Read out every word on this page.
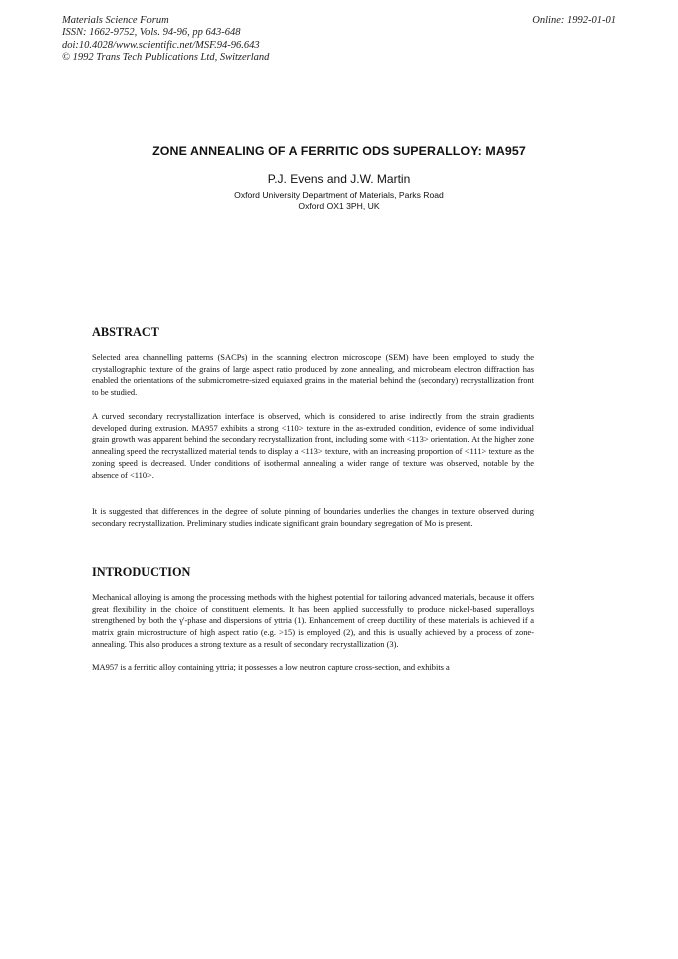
Materials Science Forum
ISSN: 1662-9752, Vols. 94-96, pp 643-648
doi:10.4028/www.scientific.net/MSF.94-96.643
© 1992 Trans Tech Publications Ltd, Switzerland
Online: 1992-01-01
ZONE ANNEALING OF A FERRITIC ODS SUPERALLOY: MA957
P.J. Evens and J.W. Martin
Oxford University Department of Materials, Parks Road
Oxford OX1 3PH, UK
ABSTRACT

Selected area channelling patterns (SACPs) in the scanning electron microscope (SEM) have been employed to study the crystallographic texture of the grains of large aspect ratio produced by zone annealing, and microbeam electron diffraction has enabled the orientations of the submicrometre-sized equiaxed grains in the material behind the (secondary) recrystallization front to be studied.

A curved secondary recrystallization interface is observed, which is considered to arise indirectly from the strain gradients developed during extrusion. MA957 exhibits a strong <110> texture in the as-extruded condition, evidence of some individual grain growth was apparent behind the secondary recrystallization front, including some with <113> orientation. At the higher zone annealing speed the recrystallized material tends to display a <113> texture, with an increasing proportion of <111> texture as the zoning speed is decreased. Under conditions of isothermal annealing a wider range of texture was observed, notable by the absence of <110>.

It is suggested that differences in the degree of solute pinning of boundaries underlies the changes in texture observed during secondary recrystallization. Preliminary studies indicate significant grain boundary segregation of Mo is present.

INTRODUCTION

Mechanical alloying is among the processing methods with the highest potential for tailoring advanced materials, because it offers great flexibility in the choice of constituent elements. It has been applied successfully to produce nickel-based superalloys strengthened by both the γ'-phase and dispersions of yttria (1). Enhancement of creep ductility of these materials is achieved if a matrix grain microstructure of high aspect ratio (e.g. >15) is employed (2), and this is usually achieved by a process of zone-annealing. This also produces a strong texture as a result of secondary recrystallization (3).

MA957 is a ferritic alloy containing yttria; it possesses a low neutron capture cross-section, and exhibits a
